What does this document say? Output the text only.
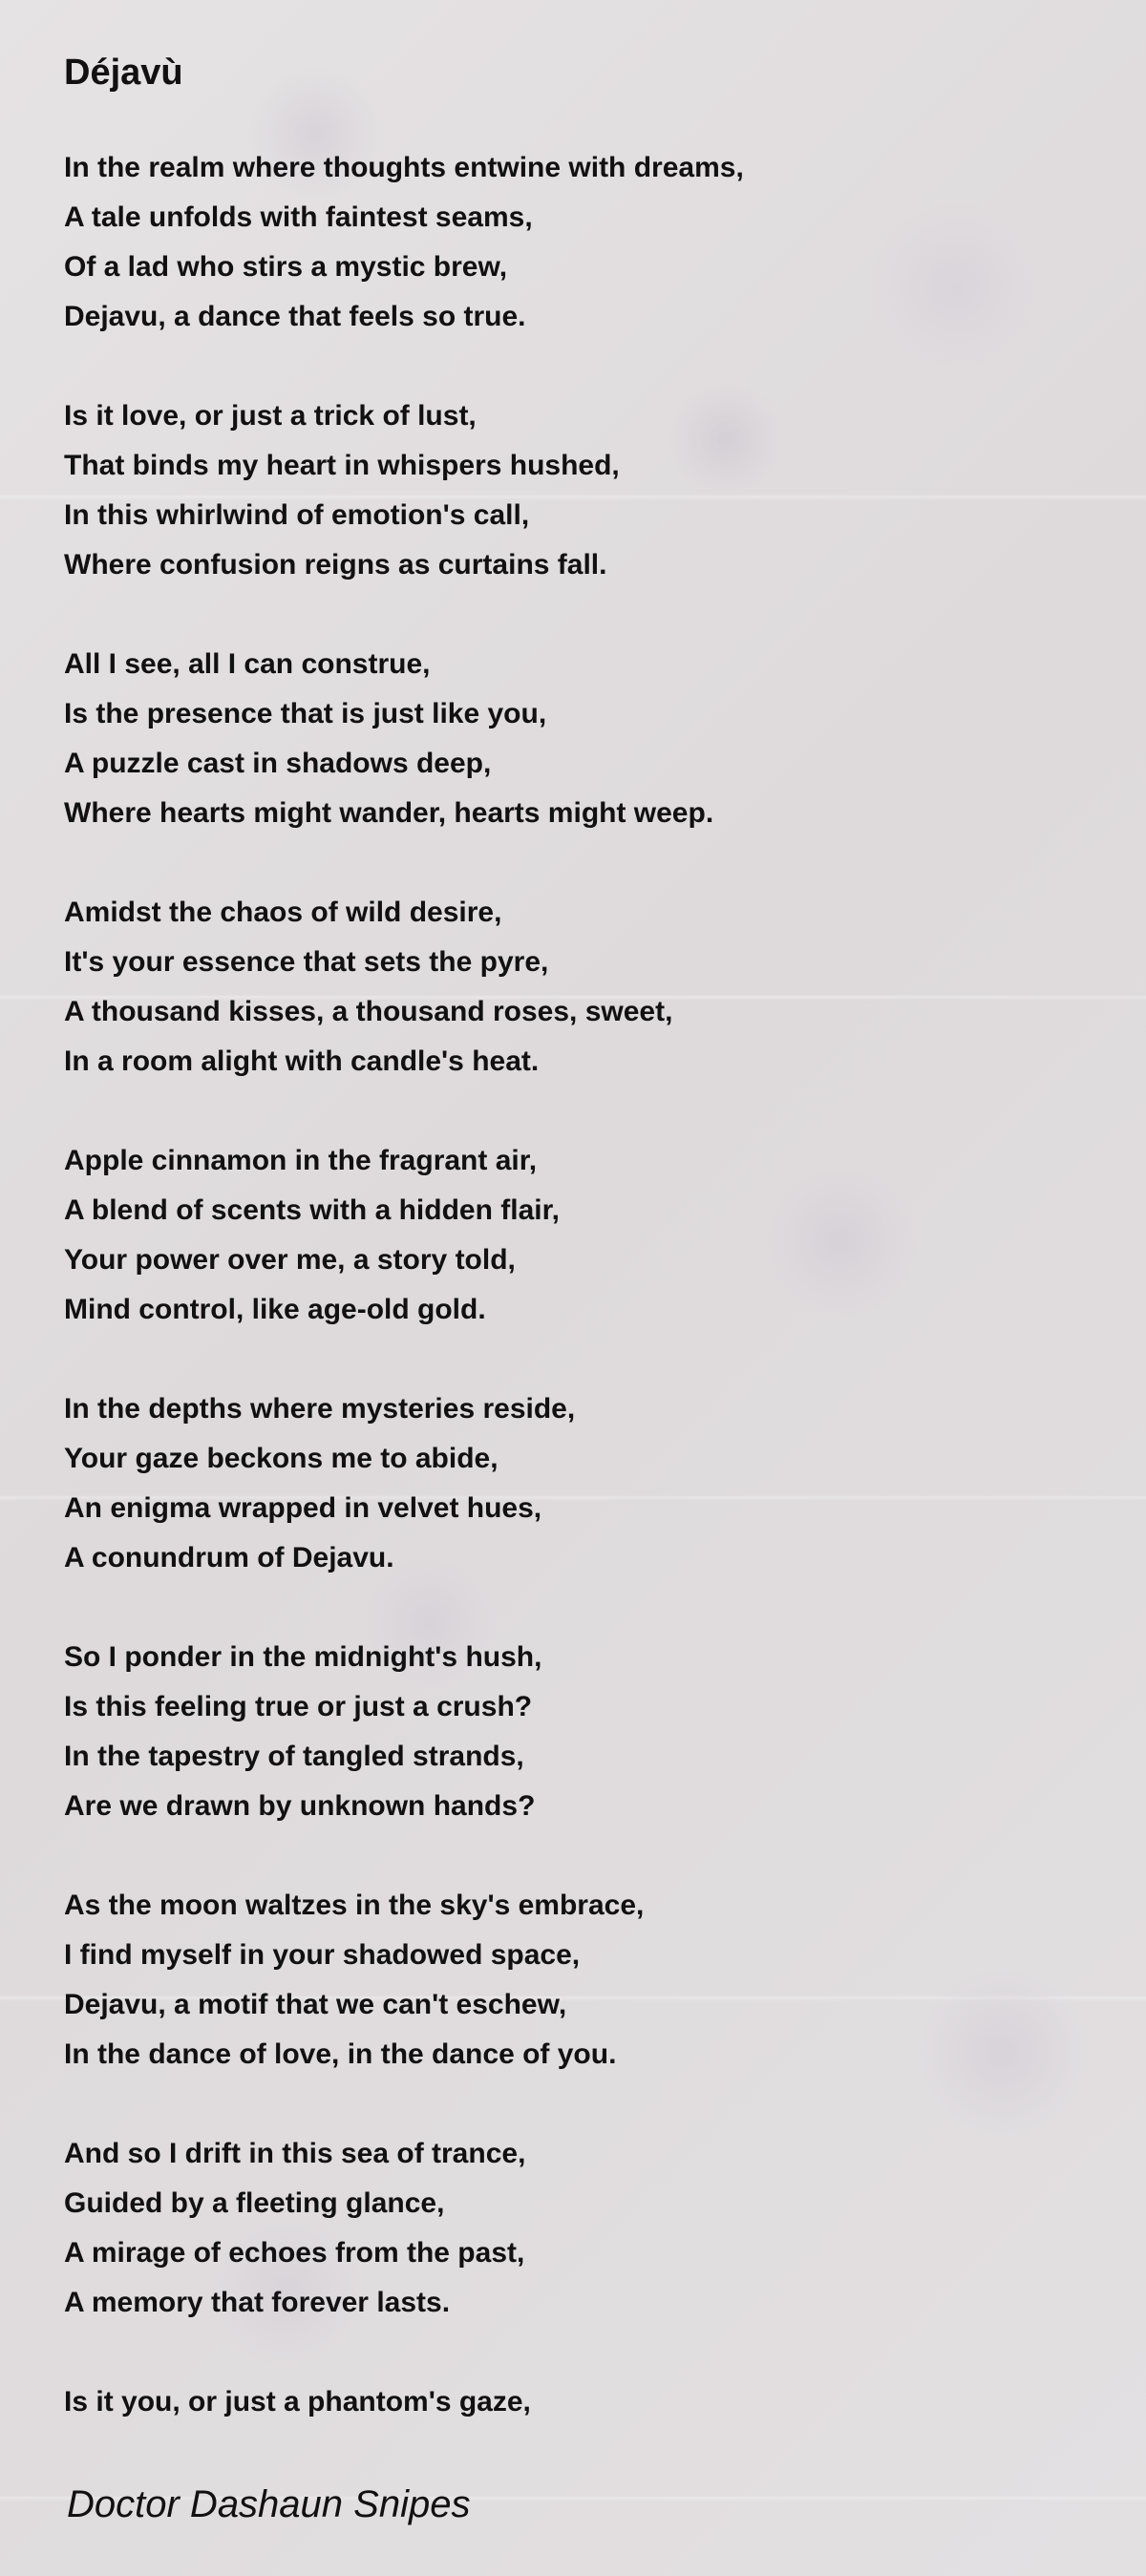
Déjavù
In the realm where thoughts entwine with dreams,
A tale unfolds with faintest seams,
Of a lad who stirs a mystic brew,
Dejavu, a dance that feels so true.
Is it love, or just a trick of lust,
That binds my heart in whispers hushed,
In this whirlwind of emotion's call,
Where confusion reigns as curtains fall.
All I see, all I can construe,
Is the presence that is just like you,
A puzzle cast in shadows deep,
Where hearts might wander, hearts might weep.
Amidst the chaos of wild desire,
It's your essence that sets the pyre,
A thousand kisses, a thousand roses, sweet,
In a room alight with candle's heat.
Apple cinnamon in the fragrant air,
A blend of scents with a hidden flair,
Your power over me, a story told,
Mind control, like age-old gold.
In the depths where mysteries reside,
Your gaze beckons me to abide,
An enigma wrapped in velvet hues,
A conundrum of Dejavu.
So I ponder in the midnight's hush,
Is this feeling true or just a crush?
In the tapestry of tangled strands,
Are we drawn by unknown hands?
As the moon waltzes in the sky's embrace,
I find myself in your shadowed space,
Dejavu, a motif that we can't eschew,
In the dance of love, in the dance of you.
And so I drift in this sea of trance,
Guided by a fleeting glance,
A mirage of echoes from the past,
A memory that forever lasts.
Is it you, or just a phantom's gaze,

Doctor Dashaun Snipes
